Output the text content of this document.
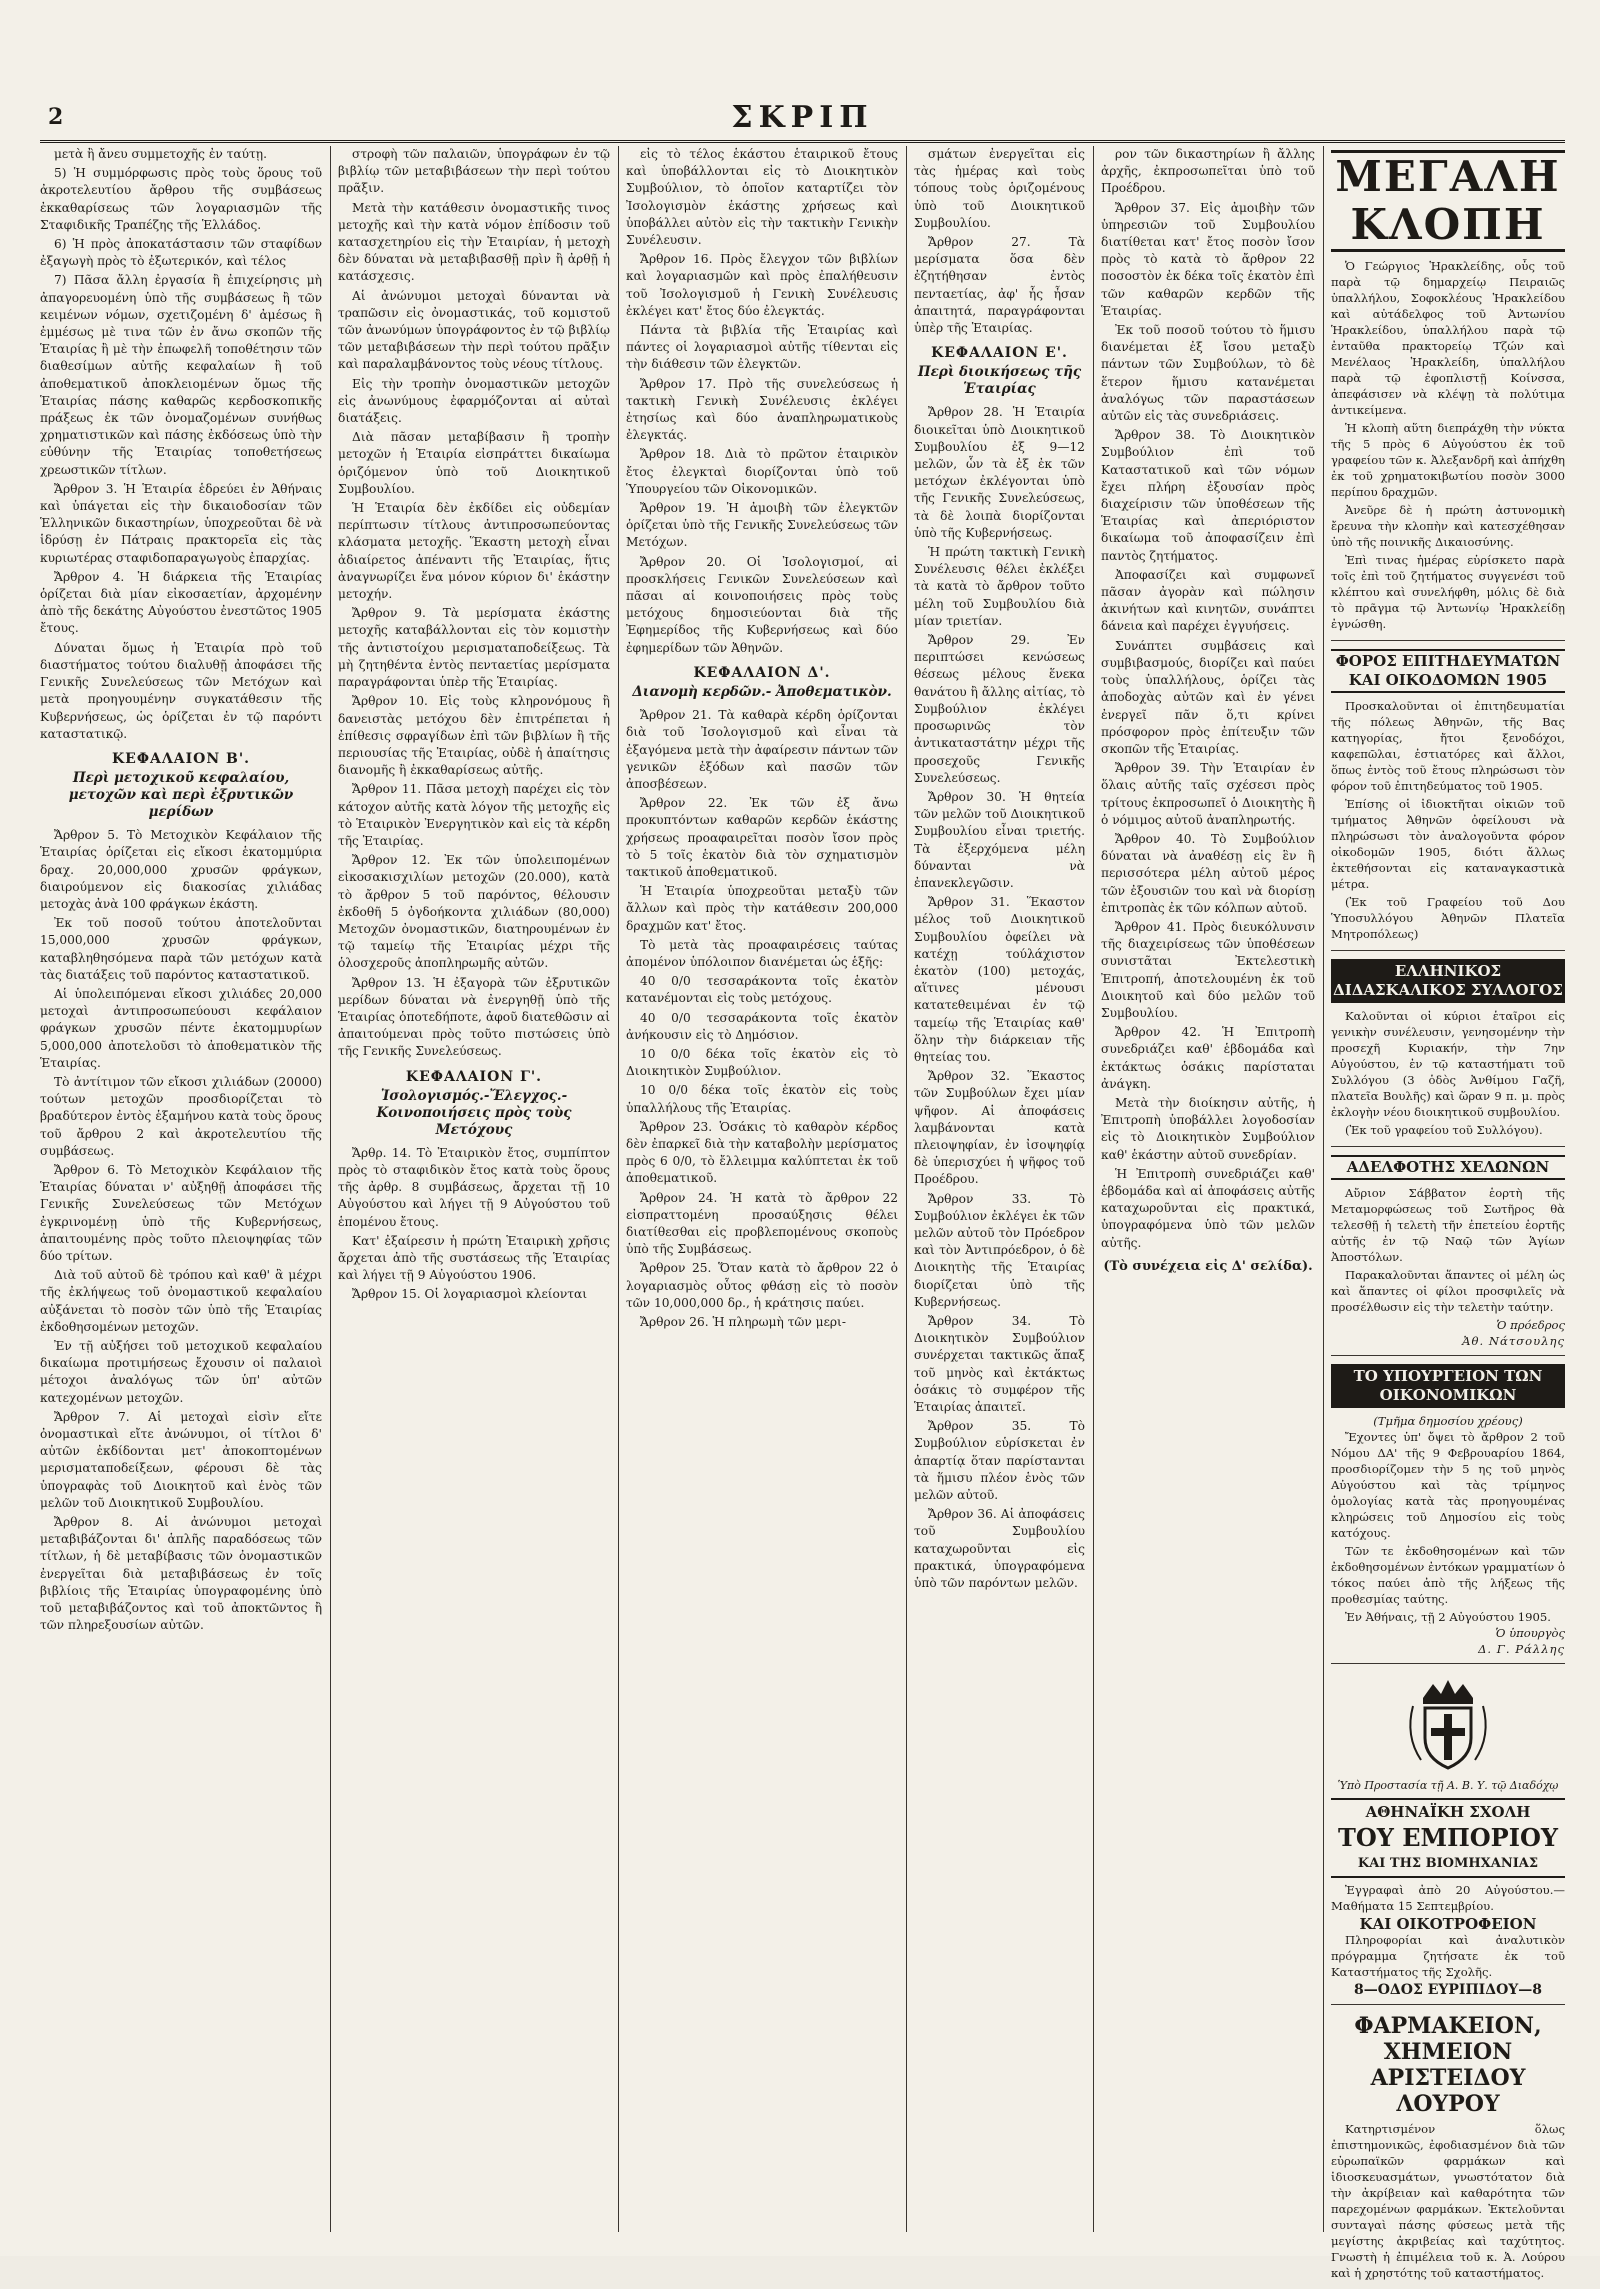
2	ΣΚΡΙΠ

μετὰ ἢ ἄνευ συμμετοχῆς ἐν ταύτῃ.

5) Ἡ συμμόρφωσις πρὸς τοὺς ὅρους τοῦ ἀκροτελευτίου ἄρθρου τῆς συμβάσεως ἐκκαθαρίσεως τῶν λογαριασμῶν τῆς Σταφιδικῆς Τραπέζης τῆς Ἑλλάδος.

6) Ἡ πρὸς ἀποκατάστασιν τῶν σταφίδων ἐξαγωγὴ πρὸς τὸ ἐξωτερικόν, καὶ τέλος

7) Πᾶσα ἄλλη ἐργασία ἢ ἐπιχείρησις μὴ ἀπαγορευομένη ὑπὸ τῆς συμβάσεως ἢ τῶν κειμένων νόμων, σχετιζομένη δ' ἀμέσως ἢ ἐμμέσως μὲ τινα τῶν ἐν ἄνω σκοπῶν τῆς Ἑταιρίας ἢ μὲ τὴν ἐπωφελῆ τοποθέτησιν τῶν διαθεσίμων αὐτῆς κεφαλαίων ἢ τοῦ ἀποθεματικοῦ ἀποκλειομένων ὅμως τῆς Ἑταιρίας πάσης καθαρῶς κερδοσκοπικῆς πράξεως ἐκ τῶν ὀνομαζομένων συνήθως χρηματιστικῶν καὶ πάσης ἐκδόσεως ὑπὸ τὴν εὐθύνην τῆς Ἑταιρίας τοποθετήσεως χρεωστικῶν τίτλων.

Ἄρθρον 3. Ἡ Ἑταιρία ἑδρεύει ἐν Ἀθήναις καὶ ὑπάγεται εἰς τὴν δικαιοδοσίαν τῶν Ἑλληνικῶν δικαστηρίων, ὑποχρεοῦται δὲ νὰ ἱδρύσῃ ἐν Πάτραις πρακτορεῖα εἰς τὰς κυριωτέρας σταφιδοπαραγωγοὺς ἐπαρχίας.

Ἄρθρον 4. Ἡ διάρκεια τῆς Ἑταιρίας ὁρίζεται διὰ μίαν εἰκοσαετίαν, ἀρχομένην ἀπὸ τῆς δεκάτης Αὐγούστου ἐνεστῶτος 1905 ἔτους.

Δύναται ὅμως ἡ Ἑταιρία πρὸ τοῦ διαστήματος τούτου διαλυθῇ ἀποφάσει τῆς Γενικῆς Συνελεύσεως τῶν Μετόχων καὶ μετὰ προηγουμένην συγκατάθεσιν τῆς Κυβερνήσεως, ὡς ὁρίζεται ἐν τῷ παρόντι καταστατικῷ.

ΚΕΦΑΛΑΙΟΝ Β'.
Περὶ μετοχικοῦ κεφαλαίου, μετοχῶν καὶ περὶ ἐξρυτικῶν μερίδων

Ἄρθρον 5. Τὸ Μετοχικὸν Κεφάλαιον τῆς Ἑταιρίας ὁρίζεται εἰς εἴκοσι ἑκατομμύρια δραχ. 20,000,000 χρυσῶν φράγκων, διαιρούμενον εἰς διακοσίας χιλιάδας μετοχὰς ἀνὰ 100 φράγκων ἑκάστη.

Ἐκ τοῦ ποσοῦ τούτου ἀποτελοῦνται 15,000,000 χρυσῶν φράγκων, καταβληθησόμενα παρὰ τῶν μετόχων κατὰ τὰς διατάξεις τοῦ παρόντος καταστατικοῦ.

Αἱ ὑπολειπόμεναι εἴκοσι χιλιάδες 20,000 μετοχαὶ ἀντιπροσωπεύουσι κεφάλαιον φράγκων χρυσῶν πέντε ἑκατομμυρίων 5,000,000 ἀποτελοῦσι τὸ ἀποθεματικὸν τῆς Ἑταιρίας.

Τὸ ἀντίτιμον τῶν εἴκοσι χιλιάδων (20000) τούτων μετοχῶν προσδιορίζεται τὸ βραδύτερον ἐντὸς ἑξαμήνου κατὰ τοὺς ὅρους τοῦ ἄρθρου 2 καὶ ἀκροτελευτίου τῆς συμβάσεως.

Ἄρθρον 6. Τὸ Μετοχικὸν Κεφάλαιον τῆς Ἑταιρίας δύναται ν' αὐξηθῇ ἀποφάσει τῆς Γενικῆς Συνελεύσεως τῶν Μετόχων ἐγκρινομένῃ ὑπὸ τῆς Κυβερνήσεως, ἀπαιτουμένης πρὸς τοῦτο πλειοψηφίας τῶν δύο τρίτων.

Διὰ τοῦ αὐτοῦ δὲ τρόπου καὶ καθ' ἃ μέχρι τῆς ἐκλήψεως τοῦ ὀνομαστικοῦ κεφαλαίου αὐξάνεται τὸ ποσὸν τῶν ὑπὸ τῆς Ἑταιρίας ἐκδοθησομένων μετοχῶν.

Ἐν τῇ αὐξήσει τοῦ μετοχικοῦ κεφαλαίου δικαίωμα προτιμήσεως ἔχουσιν οἱ παλαιοὶ μέτοχοι ἀναλόγως τῶν ὑπ' αὐτῶν κατεχομένων μετοχῶν.

Ἄρθρον 7. Αἱ μετοχαὶ εἰσὶν εἴτε ὀνομαστικαὶ εἴτε ἀνώνυμοι, οἱ τίτλοι δ' αὐτῶν ἐκδίδονται μετ' ἀποκοπτομένων μερισματαποδείξεων, φέρουσι δὲ τὰς ὑπογραφὰς τοῦ Διοικητοῦ καὶ ἑνὸς τῶν μελῶν τοῦ Διοικητικοῦ Συμβουλίου.

Ἄρθρον 8. Αἱ ἀνώνυμοι μετοχαὶ μεταβιβάζονται δι' ἁπλῆς παραδόσεως τῶν τίτλων, ἡ δὲ μεταβίβασις τῶν ὀνομαστικῶν ἐνεργεῖται διὰ μεταβιβάσεως ἐν τοῖς βιβλίοις τῆς Ἑταιρίας ὑπογραφομένης ὑπὸ τοῦ μεταβιβάζοντος καὶ τοῦ ἀποκτῶντος ἢ τῶν πληρεξουσίων αὐτῶν.

στροφὴ τῶν παλαιῶν, ὑπογράφων ἐν τῷ βιβλίῳ τῶν μεταβιβάσεων τὴν περὶ τούτου πρᾶξιν.

Μετὰ τὴν κατάθεσιν ὀνομαστικῆς τινος μετοχῆς καὶ τὴν κατὰ νόμον ἐπίδοσιν τοῦ κατασχετηρίου εἰς τὴν Ἑταιρίαν, ἡ μετοχὴ δὲν δύναται νὰ μεταβιβασθῇ πρὶν ἢ ἀρθῇ ἡ κατάσχεσις.

Αἱ ἀνώνυμοι μετοχαὶ δύνανται νὰ τραπῶσιν εἰς ὀνομαστικάς, τοῦ κομιστοῦ τῶν ἀνωνύμων ὑπογράφοντος ἐν τῷ βιβλίῳ τῶν μεταβιβάσεων τὴν περὶ τούτου πρᾶξιν καὶ παραλαμβάνοντος τοὺς νέους τίτλους.

Εἰς τὴν τροπὴν ὀνομαστικῶν μετοχῶν εἰς ἀνωνύμους ἐφαρμόζονται αἱ αὐταὶ διατάξεις.

Διὰ πᾶσαν μεταβίβασιν ἢ τροπὴν μετοχῶν ἡ Ἑταιρία εἰσπράττει δικαίωμα ὁριζόμενον ὑπὸ τοῦ Διοικητικοῦ Συμβουλίου.

Ἡ Ἑταιρία δὲν ἐκδίδει εἰς οὐδεμίαν περίπτωσιν τίτλους ἀντιπροσωπεύοντας κλάσματα μετοχῆς. Ἕκαστη μετοχὴ εἶναι ἀδιαίρετος ἀπέναντι τῆς Ἑταιρίας, ἥτις ἀναγνωρίζει ἕνα μόνον κύριον δι' ἑκάστην μετοχήν.

Ἄρθρον 9. Τὰ μερίσματα ἐκάστης μετοχῆς καταβάλλονται εἰς τὸν κομιστὴν τῆς ἀντιστοίχου μερισματαποδείξεως. Τὰ μὴ ζητηθέντα ἐντὸς πενταετίας μερίσματα παραγράφονται ὑπὲρ τῆς Ἑταιρίας.

Ἄρθρον 10. Εἰς τοὺς κληρονόμους ἢ δανειστὰς μετόχου δὲν ἐπιτρέπεται ἡ ἐπίθεσις σφραγίδων ἐπὶ τῶν βιβλίων ἢ τῆς περιουσίας τῆς Ἑταιρίας, οὐδὲ ἡ ἀπαίτησις διανομῆς ἢ ἐκκαθαρίσεως αὐτῆς.

Ἄρθρον 11. Πᾶσα μετοχὴ παρέχει εἰς τὸν κάτοχον αὐτῆς κατὰ λόγον τῆς μετοχῆς εἰς τὸ Ἑταιρικὸν Ἐνεργητικὸν καὶ εἰς τὰ κέρδη τῆς Ἑταιρίας.

Ἄρθρον 12. Ἐκ τῶν ὑπολειπομένων εἰκοσακισχιλίων μετοχῶν (20.000), κατὰ τὸ ἄρθρον 5 τοῦ παρόντος, θέλουσιν ἐκδοθῆ 5 ὀγδοήκοντα χιλιάδων (80,000) Μετοχῶν ὀνομαστικῶν, διατηρουμένων ἐν τῷ ταμείῳ τῆς Ἑταιρίας μέχρι τῆς ὁλοσχεροῦς ἀποπληρωμῆς αὐτῶν.

Ἄρθρον 13. Ἡ ἐξαγορὰ τῶν ἐξρυτικῶν μερίδων δύναται νὰ ἐνεργηθῇ ὑπὸ τῆς Ἑταιρίας ὁποτεδήποτε, ἀφοῦ διατεθῶσιν αἱ ἀπαιτούμεναι πρὸς τοῦτο πιστώσεις ὑπὸ τῆς Γενικῆς Συνελεύσεως.

ΚΕΦΑΛΑΙΟΝ Γ'.
Ἰσολογισμός.-Ἔλεγχος.- Κοινοποιήσεις πρὸς τοὺς Μετόχους

Ἄρθρ. 14. Τὸ Ἑταιρικὸν ἔτος, συμπίπτον πρὸς τὸ σταφιδικὸν ἔτος κατὰ τοὺς ὅρους τῆς ἀρθρ. 8 συμβάσεως, ἄρχεται τῇ 10 Αὐγούστου καὶ λήγει τῇ 9 Αὐγούστου τοῦ ἑπομένου ἔτους.

Κατ' ἐξαίρεσιν ἡ πρώτη Ἑταιρικὴ χρῆσις ἄρχεται ἀπὸ τῆς συστάσεως τῆς Ἑταιρίας καὶ λήγει τῇ 9 Αὐγούστου 1906.

Ἄρθρον 15. Οἱ λογαριασμοὶ κλείονται

εἰς τὸ τέλος ἑκάστου ἑταιρικοῦ ἔτους καὶ ὑποβάλλονται εἰς τὸ Διοικητικὸν Συμβούλιον, τὸ ὁποῖον καταρτίζει τὸν Ἰσολογισμὸν ἑκάστης χρήσεως καὶ ὑποβάλλει αὐτὸν εἰς τὴν τακτικὴν Γενικὴν Συνέλευσιν.

Ἄρθρον 16. Πρὸς ἔλεγχον τῶν βιβλίων καὶ λογαριασμῶν καὶ πρὸς ἐπαλήθευσιν τοῦ Ἰσολογισμοῦ ἡ Γενικὴ Συνέλευσις ἐκλέγει κατ' ἔτος δύο ἐλεγκτάς.

Πάντα τὰ βιβλία τῆς Ἑταιρίας καὶ πάντες οἱ λογαριασμοὶ αὐτῆς τίθενται εἰς τὴν διάθεσιν τῶν ἐλεγκτῶν.

Ἄρθρον 17. Πρὸ τῆς συνελεύσεως ἡ τακτικὴ Γενικὴ Συνέλευσις ἐκλέγει ἐτησίως καὶ δύο ἀναπληρωματικοὺς ἐλεγκτάς.

Ἄρθρον 18. Διὰ τὸ πρῶτον ἑταιρικὸν ἔτος ἐλεγκταὶ διορίζονται ὑπὸ τοῦ Ὑπουργείου τῶν Οἰκονομικῶν.

Ἄρθρον 19. Ἡ ἀμοιβὴ τῶν ἐλεγκτῶν ὁρίζεται ὑπὸ τῆς Γενικῆς Συνελεύσεως τῶν Μετόχων.

Ἄρθρον 20. Οἱ Ἰσολογισμοί, αἱ προσκλήσεις Γενικῶν Συνελεύσεων καὶ πᾶσαι αἱ κοινοποιήσεις πρὸς τοὺς μετόχους δημοσιεύονται διὰ τῆς Ἐφημερίδος τῆς Κυβερνήσεως καὶ δύο ἐφημερίδων τῶν Ἀθηνῶν.

ΚΕΦΑΛΑΙΟΝ Δ'.
Διανομὴ κερδῶν.- Ἀποθεματικὸν.

Ἄρθρον 21. Τὰ καθαρὰ κέρδη ὁρίζονται διὰ τοῦ Ἰσολογισμοῦ καὶ εἶναι τὰ ἐξαγόμενα μετὰ τὴν ἀφαίρεσιν πάντων τῶν γενικῶν ἐξόδων καὶ πασῶν τῶν ἀποσβέσεων.

Ἄρθρον 22. Ἐκ τῶν ἐξ ἄνω προκυπτόντων καθαρῶν κερδῶν ἑκάστης χρήσεως προαφαιρεῖται ποσὸν ἴσον πρὸς τὸ 5 τοῖς ἑκατὸν διὰ τὸν σχηματισμὸν τακτικοῦ ἀποθεματικοῦ.

Ἡ Ἑταιρία ὑποχρεοῦται μεταξὺ τῶν ἄλλων καὶ πρὸς τὴν κατάθεσιν 200,000 δραχμῶν κατ' ἔτος.

Τὸ μετὰ τὰς προαφαιρέσεις ταύτας ἀπομένον ὑπόλοιπον διανέμεται ὡς ἑξῆς:

40 0/0 τεσσαράκοντα τοῖς ἑκατὸν κατανέμονται εἰς τοὺς μετόχους.

40 0/0 τεσσαράκοντα τοῖς ἑκατὸν ἀνήκουσιν εἰς τὸ Δημόσιον.

10 0/0 δέκα τοῖς ἑκατὸν εἰς τὸ Διοικητικὸν Συμβούλιον.

10 0/0 δέκα τοῖς ἑκατὸν εἰς τοὺς ὑπαλλήλους τῆς Ἑταιρίας.

Ἄρθρον 23. Ὁσάκις τὸ καθαρὸν κέρδος δὲν ἐπαρκεῖ διὰ τὴν καταβολὴν μερίσματος πρὸς 6 0/0, τὸ ἔλλειμμα καλύπτεται ἐκ τοῦ ἀποθεματικοῦ.

Ἄρθρον 24. Ἡ κατὰ τὸ ἄρθρον 22 εἰσπραττομένη προσαύξησις θέλει διατίθεσθαι εἰς προβλεπομένους σκοποὺς ὑπὸ τῆς Συμβάσεως.

Ἄρθρον 25. Ὅταν κατὰ τὸ ἄρθρον 22 ὁ λογαριασμὸς οὗτος φθάσῃ εἰς τὸ ποσὸν τῶν 10,000,000 δρ., ἡ κράτησις παύει.

Ἄρθρον 26. Ἡ πληρωμὴ τῶν μερι-

σμάτων ἐνεργεῖται εἰς τὰς ἡμέρας καὶ τοὺς τόπους τοὺς ὁριζομένους ὑπὸ τοῦ Διοικητικοῦ Συμβουλίου.

Ἄρθρον 27. Τὰ μερίσματα ὅσα δὲν ἐζητήθησαν ἐντὸς πενταετίας, ἀφ' ἧς ἦσαν ἀπαιτητά, παραγράφονται ὑπὲρ τῆς Ἑταιρίας.

ΚΕΦΑΛΑΙΟΝ Ε'.
Περὶ διοικήσεως τῆς Ἑταιρίας

Ἄρθρον 28. Ἡ Ἑταιρία διοικεῖται ὑπὸ Διοικητικοῦ Συμβουλίου ἐξ 9—12 μελῶν, ὧν τὰ ἐξ ἐκ τῶν μετόχων ἐκλέγονται ὑπὸ τῆς Γενικῆς Συνελεύσεως, τὰ δὲ λοιπὰ διορίζονται ὑπὸ τῆς Κυβερνήσεως.

Ἡ πρώτη τακτικὴ Γενικὴ Συνέλευσις θέλει ἐκλέξει τὰ κατὰ τὸ ἄρθρον τοῦτο μέλη τοῦ Συμβουλίου διὰ μίαν τριετίαν.

Ἄρθρον 29. Ἐν περιπτώσει κενώσεως θέσεως μέλους ἕνεκα θανάτου ἢ ἄλλης αἰτίας, τὸ Συμβούλιον ἐκλέγει προσωρινῶς τὸν ἀντικαταστάτην μέχρι τῆς προσεχοῦς Γενικῆς Συνελεύσεως.

Ἄρθρον 30. Ἡ θητεία τῶν μελῶν τοῦ Διοικητικοῦ Συμβουλίου εἶναι τριετής. Τὰ ἐξερχόμενα μέλη δύνανται νὰ ἐπανεκλεγῶσιν.

Ἄρθρον 31. Ἕκαστον μέλος τοῦ Διοικητικοῦ Συμβουλίου ὀφείλει νὰ κατέχῃ τούλάχιστον ἑκατὸν (100) μετοχάς, αἵτινες μένουσι κατατεθειμέναι ἐν τῷ ταμείῳ τῆς Ἑταιρίας καθ' ὅλην τὴν διάρκειαν τῆς θητείας του.

Ἄρθρον 32. Ἕκαστος τῶν Συμβούλων ἔχει μίαν ψῆφον. Αἱ ἀποφάσεις λαμβάνονται κατὰ πλειοψηφίαν, ἐν ἰσοψηφίᾳ δὲ ὑπερισχύει ἡ ψῆφος τοῦ Προέδρου.

Ἄρθρον 33. Τὸ Συμβούλιον ἐκλέγει ἐκ τῶν μελῶν αὐτοῦ τὸν Πρόεδρον καὶ τὸν Ἀντιπρόεδρον, ὁ δὲ Διοικητὴς τῆς Ἑταιρίας διορίζεται ὑπὸ τῆς Κυβερνήσεως.

Ἄρθρον 34. Τὸ Διοικητικὸν Συμβούλιον συνέρχεται τακτικῶς ἅπαξ τοῦ μηνὸς καὶ ἐκτάκτως ὁσάκις τὸ συμφέρον τῆς Ἑταιρίας ἀπαιτεῖ.

Ἄρθρον 35. Τὸ Συμβούλιον εὑρίσκεται ἐν ἀπαρτίᾳ ὅταν παρίστανται τὰ ἥμισυ πλέον ἑνὸς τῶν μελῶν αὐτοῦ.

Ἄρθρον 36. Αἱ ἀποφάσεις τοῦ Συμβουλίου καταχωροῦνται εἰς πρακτικά, ὑπογραφόμενα ὑπὸ τῶν παρόντων μελῶν.

ρον τῶν δικαστηρίων ἢ ἄλλης ἀρχῆς, ἐκπροσωπεῖται ὑπὸ τοῦ Προέδρου.

Ἄρθρον 37. Εἰς ἀμοιβὴν τῶν ὑπηρεσιῶν τοῦ Συμβουλίου διατίθεται κατ' ἔτος ποσὸν ἴσον πρὸς τὸ κατὰ τὸ ἄρθρον 22 ποσοστὸν ἐκ δέκα τοῖς ἑκατὸν ἐπὶ τῶν καθαρῶν κερδῶν τῆς Ἑταιρίας.

Ἐκ τοῦ ποσοῦ τούτου τὸ ἥμισυ διανέμεται ἐξ ἴσου μεταξὺ πάντων τῶν Συμβούλων, τὸ δὲ ἕτερον ἥμισυ κατανέμεται ἀναλόγως τῶν παραστάσεων αὐτῶν εἰς τὰς συνεδριάσεις.

Ἄρθρον 38. Τὸ Διοικητικὸν Συμβούλιον ἐπὶ τοῦ Καταστατικοῦ καὶ τῶν νόμων ἔχει πλήρη ἐξουσίαν πρὸς διαχείρισιν τῶν ὑποθέσεων τῆς Ἑταιρίας καὶ ἀπεριόριστον δικαίωμα τοῦ ἀποφασίζειν ἐπὶ παντὸς ζητήματος.

Ἀποφασίζει καὶ συμφωνεῖ πᾶσαν ἀγορὰν καὶ πώλησιν ἀκινήτων καὶ κινητῶν, συνάπτει δάνεια καὶ παρέχει ἐγγυήσεις.

Συνάπτει συμβάσεις καὶ συμβιβασμούς, διορίζει καὶ παύει τοὺς ὑπαλλήλους, ὁρίζει τὰς ἀποδοχὰς αὐτῶν καὶ ἐν γένει ἐνεργεῖ πᾶν ὅ,τι κρίνει πρόσφορον πρὸς ἐπίτευξιν τῶν σκοπῶν τῆς Ἑταιρίας.

Ἄρθρον 39. Τὴν Ἑταιρίαν ἐν ὅλαις αὐτῆς ταῖς σχέσεσι πρὸς τρίτους ἐκπροσωπεῖ ὁ Διοικητὴς ἢ ὁ νόμιμος αὐτοῦ ἀναπληρωτής.

Ἄρθρον 40. Τὸ Συμβούλιον δύναται νὰ ἀναθέσῃ εἰς ἓν ἢ περισσότερα μέλη αὐτοῦ μέρος τῶν ἐξουσιῶν του καὶ νὰ διορίσῃ ἐπιτροπὰς ἐκ τῶν κόλπων αὐτοῦ.

Ἄρθρον 41. Πρὸς διευκόλυνσιν τῆς διαχειρίσεως τῶν ὑποθέσεων συνιστᾶται Ἐκτελεστικὴ Ἐπιτροπή, ἀποτελουμένη ἐκ τοῦ Διοικητοῦ καὶ δύο μελῶν τοῦ Συμβουλίου.

Ἄρθρον 42. Ἡ Ἐπιτροπὴ συνεδριάζει καθ' ἑβδομάδα καὶ ἐκτάκτως ὁσάκις παρίσταται ἀνάγκη.

Μετὰ τὴν διοίκησιν αὐτῆς, ἡ Ἐπιτροπὴ ὑποβάλλει λογοδοσίαν εἰς τὸ Διοικητικὸν Συμβούλιον καθ' ἑκάστην αὐτοῦ συνεδρίαν.

Ἡ Ἐπιτροπὴ συνεδριάζει καθ' ἑβδομάδα καὶ αἱ ἀποφάσεις αὐτῆς καταχωροῦνται εἰς πρακτικά, ὑπογραφόμενα ὑπὸ τῶν μελῶν αὐτῆς.

(Τὸ συνέχεια εἰς Δ' σελίδα).
ΜΕΓΑΛΗ ΚΛΟΠΗ

Ὁ Γεώργιος Ἡρακλείδης, οὗς τοῦ παρὰ τῷ δημαρχείῳ Πειραιῶς ὑπαλλήλου, Σοφοκλέους Ἡρακλείδου καὶ αὐτάδελφος τοῦ Ἀντωνίου Ἡρακλείδου, ὑπαλλήλου παρὰ τῷ ἐνταῦθα πρακτορείῳ Τζών καὶ Μενέλαος Ἡρακλείδη, ὑπαλλήλου παρὰ τῷ ἐφοπλιστῇ Κοίνσσα, ἀπεφάσισεν νὰ κλέψῃ τὰ πολύτιμα ἀντικείμενα.

Ἡ κλοπὴ αὕτη διεπράχθη τὴν νύκτα τῆς 5 πρὸς 6 Αὐγούστου ἐκ τοῦ γραφείου τῶν κ. Ἀλεξανδρῆ καὶ ἀπήχθη ἐκ τοῦ χρηματοκιβωτίου ποσὸν 3000 περίπου δραχμῶν.

Ἀνεῦρε δὲ ἡ πρώτη ἀστυνομικὴ ἔρευνα τὴν κλοπὴν καὶ κατεσχέθησαν ὑπὸ τῆς ποινικῆς Δικαιοσύνης.

Ἐπὶ τινας ἡμέρας εὑρίσκετο παρὰ τοῖς ἐπὶ τοῦ ζητήματος συγγενέσι τοῦ κλέπτου καὶ συνελήφθη, μόλις δὲ διὰ τὸ πρᾶγμα τῷ Ἀντωνίῳ Ἡρακλείδῃ ἐγνώσθη.

ΦΟΡΟΣ ΕΠΙΤΗΔΕΥΜΑΤΩΝ ΚΑΙ ΟΙΚΟΔΟΜΩΝ 1905

Προσκαλοῦνται οἱ ἐπιτηδευματίαι τῆς πόλεως Ἀθηνῶν, τῆς Βας κατηγορίας, ἤτοι ξενοδόχοι, καφεπῶλαι, ἐστιατόρες καὶ ἄλλοι, ὅπως ἐντὸς τοῦ ἔτους πληρώσωσι τὸν φόρον τοῦ ἐπιτηδεύματος τοῦ 1905.

Ἐπίσης οἱ ἰδιοκτῆται οἰκιῶν τοῦ τμήματος Ἀθηνῶν ὀφείλουσι νὰ πληρώσωσι τὸν ἀναλογοῦντα φόρον οἰκοδομῶν 1905, διότι ἄλλως ἐκτεθήσονται εἰς καταναγκαστικὰ μέτρα.

(Ἐκ τοῦ Γραφείου τοῦ Δου Ὑποσυλλόγου Ἀθηνῶν Πλατεῖα Μητροπόλεως)

ΕΛΛΗΝΙΚΟΣ ΔΙΔΑΣΚΑΛΙΚΟΣ ΣΥΛΛΟΓΟΣ

Καλοῦνται οἱ κύριοι ἑταῖροι εἰς γενικὴν συνέλευσιν, γενησομένην τὴν προσεχῆ Κυριακήν, τὴν 7ην Αὐγούστου, ἐν τῷ καταστήματι τοῦ Συλλόγου (3 ὁδὸς Ἀνθίμου Γαζῆ, πλατεῖα Βουλῆς) καὶ ὥραν 9 π. μ. πρὸς ἐκλογὴν νέου διοικητικοῦ συμβουλίου.

(Ἐκ τοῦ γραφείου τοῦ Συλλόγου).

ΑΔΕΛΦΟΤΗΣ ΧΕΛΩΝΩΝ

Αὔριον Σάββατον ἑορτὴ τῆς Μεταμορφώσεως τοῦ Σωτῆρος θὰ τελεσθῇ ἡ τελετὴ τῆν ἐπετείου ἑορτῆς αὐτῆς ἐν τῷ Ναῷ τῶν Ἁγίων Ἀποστόλων.

Παρακαλοῦνται ἅπαντες οἱ μέλη ὡς καὶ ἅπαντες οἱ φίλοι προσφιλεῖς νὰ προσέλθωσιν εἰς τὴν τελετὴν ταύτην.

Ὁ πρόεδρος
Ἀθ. Νάτσουλης
ΤΟ ΥΠΟΥΡΓΕΙΟΝ ΤΩΝ ΟΙΚΟΝΟΜΙΚΩΝ
(Τμῆμα δημοσίου χρέους)

Ἔχοντες ὑπ' ὄψει τὸ ἄρθρον 2 τοῦ Νόμου ΔΑ' τῆς 9 Φεβρουαρίου 1864, προσδιορίζομεν τὴν 5 ης τοῦ μηνὸς Αὐγούστου καὶ τὰς τρίμηνος ὁμολογίας κατὰ τὰς προηγουμένας κληρώσεις τοῦ Δημοσίου εἰς τοὺς κατόχους.

Τῶν τε ἐκδοθησομένων καὶ τῶν ἐκδοθησομένων ἐντόκων γραμματίων ὁ τόκος παύει ἀπὸ τῆς λήξεως τῆς προθεσμίας ταύτης.

Ἐν Ἀθήναις, τῇ 2 Αὐγούστου 1905.
Ὁ ὑπουργὸς
Δ. Γ. Ράλλης
Ὑπὸ Προστασία τῇ Α. Β. Υ. τῷ Διαδόχῳ
ΑΘΗΝΑΪΚΗ ΣΧΟΛΗ
ΤΟΥ ΕΜΠΟΡΙΟΥ
ΚΑΙ ΤΗΣ ΒΙΟΜΗΧΑΝΙΑΣ

Ἐγγραφαὶ ἀπὸ 20 Αὐγούστου.—Μαθήματα 15 Σεπτεμβρίου.

ΚΑΙ ΟΙΚΟΤΡΟΦΕΙΟΝ

Πληροφορίαι καὶ ἀναλυτικὸν πρόγραμμα ζητήσατε ἐκ τοῦ Καταστήματος τῆς Σχολῆς.

8—ΟΔΟΣ ΕΥΡΙΠΙΔΟΥ—8
ΦΑΡΜΑΚΕΙΟΝ, ΧΗΜΕΙΟΝ
ΑΡΙΣΤΕΙΔΟΥ ΛΟΥΡΟΥ

Κατηρτισμένον ὅλως ἐπιστημονικῶς, ἐφοδιασμένον διὰ τῶν εὐρωπαϊκῶν φαρμάκων καὶ ἰδιοσκευασμάτων, γνωστότατον διὰ τὴν ἀκρίβειαν καὶ καθαρότητα τῶν παρεχομένων φαρμάκων. Ἐκτελοῦνται συνταγαὶ πάσης φύσεως μετὰ τῆς μεγίστης ἀκριβείας καὶ ταχύτητος. Γνωστὴ ἡ ἐπιμέλεια τοῦ κ. Ἀ. Λούρου καὶ ἡ χρηστότης τοῦ καταστήματος.
